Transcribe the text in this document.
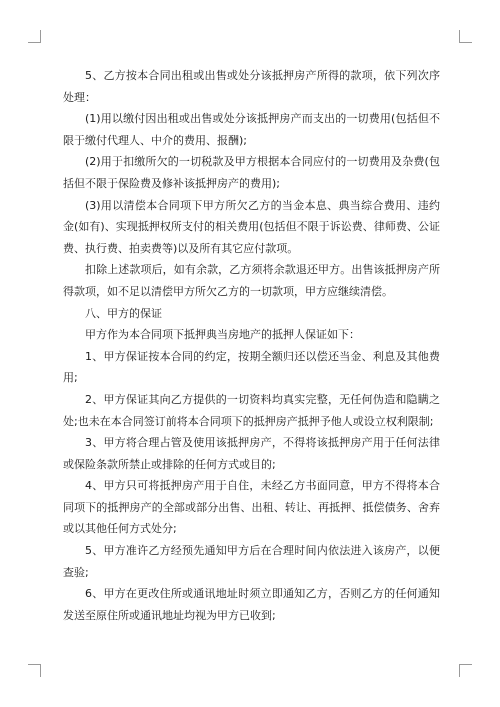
5、乙方按本合同出租或出售或处分该抵押房产所得的款项，依下列次序处理：

(1)用以缴付因出租或出售或处分该抵押房产而支出的一切费用(包括但不限于缴付代理人、中介的费用、报酬);

(2)用于扣缴所欠的一切税款及甲方根据本合同应付的一切费用及杂费(包括但不限于保险费及修补该抵押房产的费用);

(3)用以清偿本合同项下甲方所欠乙方的当金本息、典当综合费用、违约金(如有)、实现抵押权所支付的相关费用(包括但不限于诉讼费、律师费、公证费、执行费、拍卖费等)以及所有其它应付款项。

扣除上述款项后，如有余款，乙方须将余款退还甲方。出售该抵押房产所得款项，如不足以清偿甲方所欠乙方的一切款项，甲方应继续清偿。

八、甲方的保证

甲方作为本合同项下抵押典当房地产的抵押人保证如下：

1、甲方保证按本合同的约定，按期全额归还以偿还当金、利息及其他费用;

2、甲方保证其向乙方提供的一切资料均真实完整，无任何伪造和隐瞒之处;也未在本合同签订前将本合同项下的抵押房产抵押予他人或设立权利限制;

3、甲方将合理占管及使用该抵押房产，不得将该抵押房产用于任何法律或保险条款所禁止或排除的任何方式或目的;

4、甲方只可将抵押房产用于自住，未经乙方书面同意，甲方不得将本合同项下的抵押房产的全部或部分出售、出租、转让、再抵押、抵偿债务、舍弃或以其他任何方式处分;

5、甲方准许乙方经预先通知甲方后在合理时间内依法进入该房产，以便查验;

6、甲方在更改住所或通讯地址时须立即通知乙方，否则乙方的任何通知发送至原住所或通讯地址均视为甲方已收到;
